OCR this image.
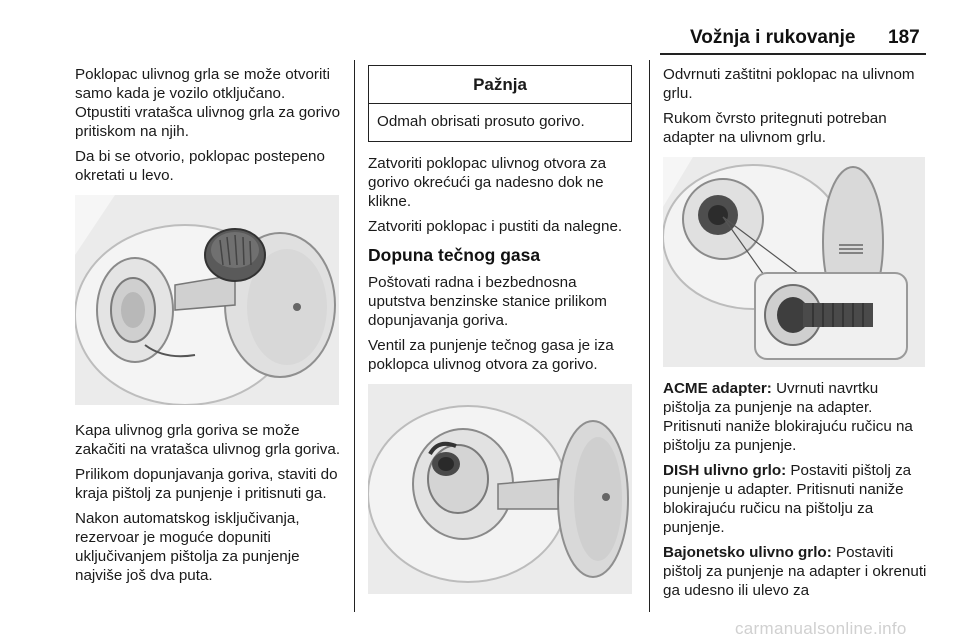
Vožnja i rukovanje 187

Poklopac ulivnog grla se može otvoriti samo kada je vozilo otključano. Otpustiti vratašca ulivnog grla za gorivo pritiskom na njih.

Da bi se otvorio, poklopac postepeno okretati u levo.

Kapa ulivnog grla goriva se može zakačiti na vratašca ulivnog grla goriva.

Prilikom dopunjavanja goriva, staviti do kraja pištolj za punjenje i pritisnuti ga.

Nakon automatskog isključivanja, rezervoar je moguće dopuniti uključivanjem pištolja za punjenje najviše još dva puta.

Pažnja
Odmah obrisati prosuto gorivo.

Zatvoriti poklopac ulivnog otvora za gorivo okrećući ga nadesno dok ne klikne.

Zatvoriti poklopac i pustiti da nalegne.

Dopuna tečnog gasa

Poštovati radna i bezbednosna uputstva benzinske stanice prilikom dopunjavanja goriva.

Ventil za punjenje tečnog gasa je iza poklopca ulivnog otvora za gorivo.

Odvrnuti zaštitni poklopac na ulivnom grlu.

Rukom čvrsto pritegnuti potreban adapter na ulivnom grlu.

ACME adapter: Uvrnuti navrtku pištolja za punjenje na adapter. Pritisnuti naniže blokirajuću ručicu na pištolju za punjenje.

DISH ulivno grlo: Postaviti pištolj za punjenje u adapter. Pritisnuti naniže blokirajuću ručicu na pištolju za punjenje.

Bajonetsko ulivno grlo: Postaviti pištolj za punjenje na adapter i okrenuti ga udesno ili ulevo za

carmanualsonline.info
